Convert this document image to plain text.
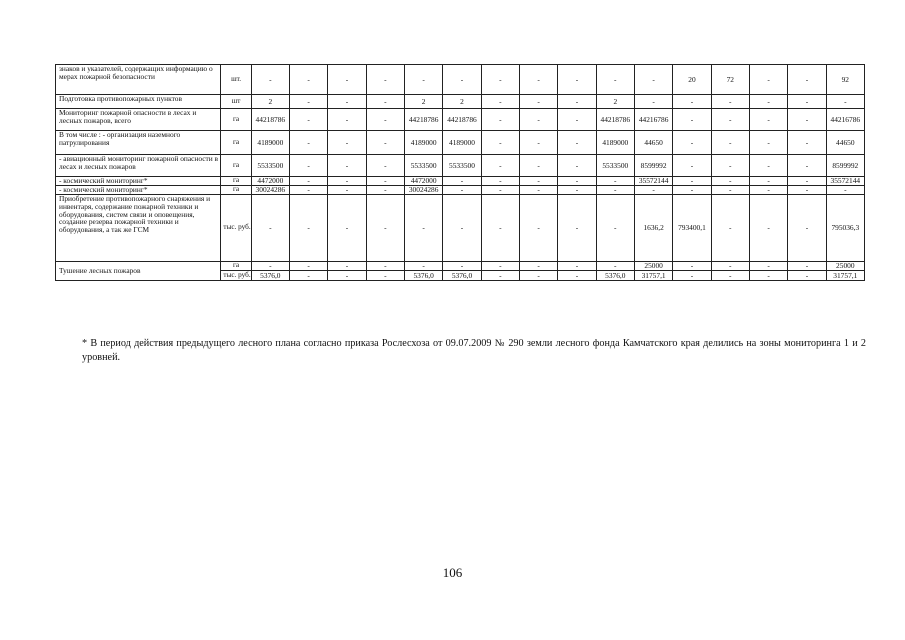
знаков и указателей, содержащих информацию о мерах пожарной безопасности	шт.	-	-	-	-	-	-	-	-	-	-	-	20	72	-	-	92
Подготовка противопожарных пунктов	шт	2	-	-	-	2	2	-	-	-	2	-	-	-	-	-	-
Мониторинг пожарной опасности в лесах и лесных пожаров, всего	га	44218786	-	-	-	44218786	44218786	-	-	-	44218786	44216786	-	-	-	-	44216786
В том числе : - организация наземного патрулирования	га	4189000	-	-	-	4189000	4189000	-	-	-	4189000	44650	-	-	-	-	44650
- авиационный мониторинг пожарной опасности в лесах и лесных пожаров	га	5533500	-	-	-	5533500	5533500	-	-	-	5533500	8599992	-	-	-	-	8599992
- космический мониторинг*	га	4472000	-	-	-	4472000	-	-	-	-	-	35572144	-	-	-	-	35572144
- космический мониторинг*	га	30024286	-	-	-	30024286	-	-	-	-	-	-	-	-	-	-	-
Приобретение противопожарного снаряжения и инвентаря, содержание пожарной техники и оборудования, систем связи и оповещения, создание резерва пожарной техники и оборудования, а так же ГСМ	тыс. руб.	-	-	-	-	-	-	-	-	-	-	1636,2	793400,1	-	-	-	795036,3
Тушение лесных пожаров	га	-	-	-	-	-	-	-	-	-	-	25000	-	-	-	-	25000
	тыс. руб.	5376,0	-	-	-	5376,0	5376,0	-	-	-	5376,0	31757,1	-	-	-	-	31757,1

* В период действия предыдущего лесного плана согласно приказа Рослесхоза от 09.07.2009 № 290 земли лесного фонда Камчатского края делились на зоны мониторинга 1 и 2 уровней.

106
